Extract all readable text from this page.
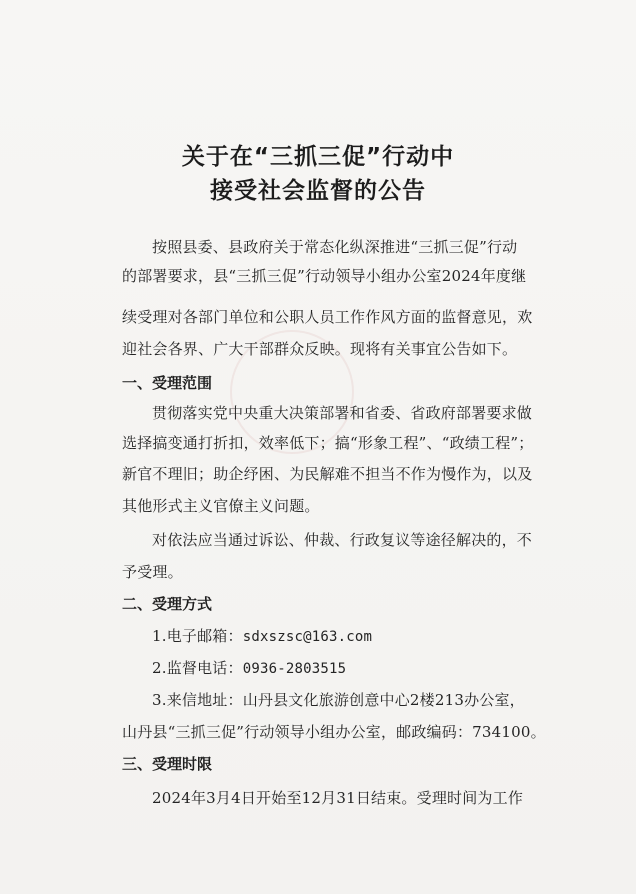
关于在“三抓三促”行动中
接受社会监督的公告
按照县委、县政府关于常态化纵深推进“三抓三促”行动
的部署要求，县“三抓三促”行动领导小组办公室2024年度继
续受理对各部门单位和公职人员工作作风方面的监督意见，欢
迎社会各界、广大干部群众反映。现将有关事宜公告如下。
一、受理范围
贯彻落实党中央重大决策部署和省委、省政府部署要求做
选择搞变通打折扣，效率低下；搞“形象工程”、“政绩工程”；
新官不理旧；助企纾困、为民解难不担当不作为慢作为，以及
其他形式主义官僚主义问题。
对依法应当通过诉讼、仲裁、行政复议等途径解决的，不
予受理。
二、受理方式
1.电子邮箱：sdxszsc@163.com
2.监督电话：0936-2803515
3.来信地址：山丹县文化旅游创意中心2楼213办公室，
山丹县“三抓三促”行动领导小组办公室，邮政编码：734100。
三、受理时限
2024年3月4日开始至12月31日结束。受理时间为工作
